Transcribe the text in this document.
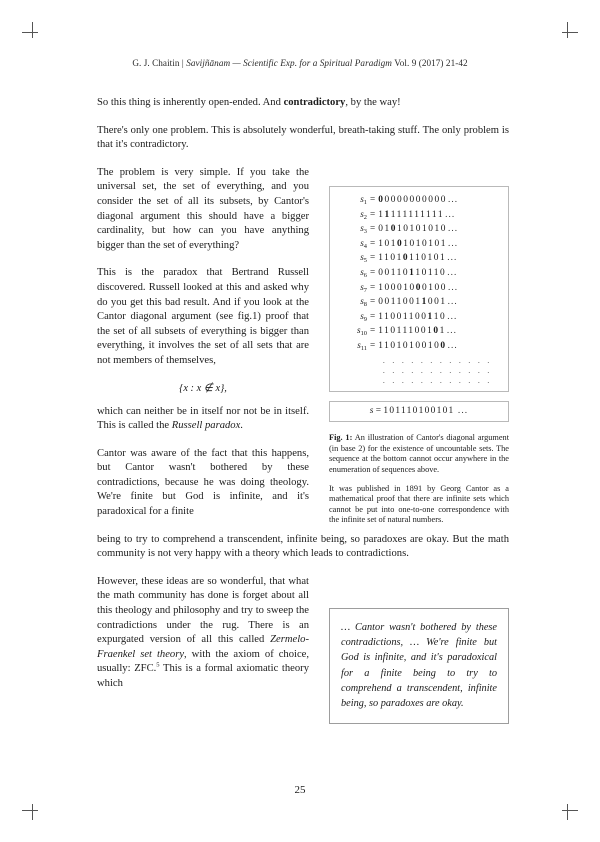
G. J. Chaitin | Savijñānam — Scientific Exp. for a Spiritual Paradigm Vol. 9 (2017) 21-42

So this thing is inherently open-ended. And contradictory, by the way!

There's only one problem. This is absolutely wonderful, breath-taking stuff. The only problem is that it's contradictory.

The problem is very simple. If you take the universal set, the set of everything, and you consider the set of all its subsets, by Cantor's diagonal argument this should have a bigger cardinality, but how can you have anything bigger than the set of everything?

This is the paradox that Bertrand Russell discovered. Russell looked at this and asked why do you get this bad result. And if you look at the Cantor diagonal argument (see fig.1) proof that the set of all subsets of everything is bigger than everything, it involves the set of all sets that are not members of themselves,

{x : x ∉ x},

which can neither be in itself nor not be in itself. This is called the Russell paradox.

Cantor was aware of the fact that this happens, but Cantor wasn't bothered by these contradictions, because he was doing theology. We're finite but God is infinite, and it's paradoxical for a finite

being to try to comprehend a transcendent, infinite being, so paradoxes are okay. But the math community is not very happy with a theory which leads to contradictions.

However, these ideas are so wonderful, that what the math community has done is forget about all this theology and philosophy and try to sweep the contradictions under the rug. There is an expurgated version of all this called Zermelo-Fraenkel set theory, with the axiom of choice, usually: ZFC.$^5$ This is a formal axiomatic theory which

$s_1 = 00000000000$ ...
$s_2 = 11111111111$ ...
$s_3 = 01010101010$ ...
$s_4 = 10101010101$ ...
$s_5 = 11010110101$ ...
$s_6 = 00110110110$ ...
$s_7 = 10001000100$ ...
$s_8 = 00110011001$ ...
$s_9 = 11001100110$ ...
$s_{10} = 11011100101$ ...
$s_{11} = 11010100100$ ...
. . . . . . . . . . . .
. . . . . . . . . . . .
. . . . . . . . . . . .
s = 101110100101 ...

Fig. 1: An illustration of Cantor's diagonal argument (in base 2) for the existence of uncountable sets. The sequence at the bottom cannot occur anywhere in the enumeration of sequences above.

It was published in 1891 by Georg Cantor as a mathematical proof that there are infinite sets which cannot be put into one-to-one correspondence with the infinite set of natural numbers.

… Cantor wasn't bothered by these contradictions, … We're finite but God is infinite, and it's paradoxical for a finite being to try to comprehend a transcendent, infinite being, so paradoxes are okay.

25
